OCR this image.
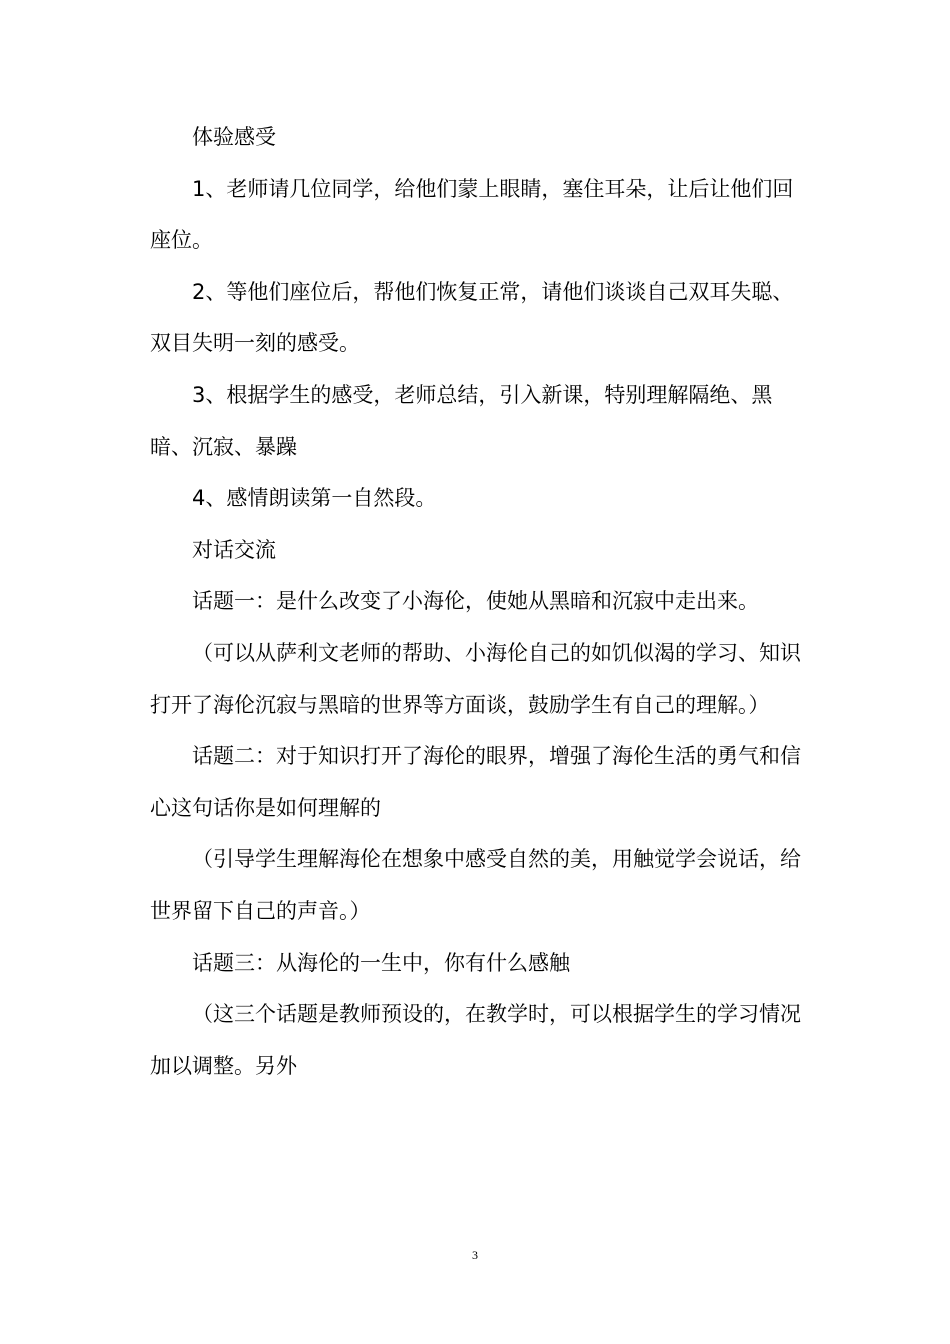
体验感受

1、老师请几位同学，给他们蒙上眼睛，塞住耳朵，让后让他们回座位。

2、等他们座位后，帮他们恢复正常，请他们谈谈自己双耳失聪、双目失明一刻的感受。

3、根据学生的感受，老师总结，引入新课，特别理解隔绝、黑暗、沉寂、暴躁

4、感情朗读第一自然段。

对话交流

话题一：是什么改变了小海伦，使她从黑暗和沉寂中走出来。

（可以从萨利文老师的帮助、小海伦自己的如饥似渴的学习、知识打开了海伦沉寂与黑暗的世界等方面谈，鼓励学生有自己的理解。）

话题二：对于知识打开了海伦的眼界，增强了海伦生活的勇气和信心这句话你是如何理解的

（引导学生理解海伦在想象中感受自然的美，用触觉学会说话，给世界留下自己的声音。）

话题三：从海伦的一生中，你有什么感触

（这三个话题是教师预设的，在教学时，可以根据学生的学习情况加以调整。另外

3
